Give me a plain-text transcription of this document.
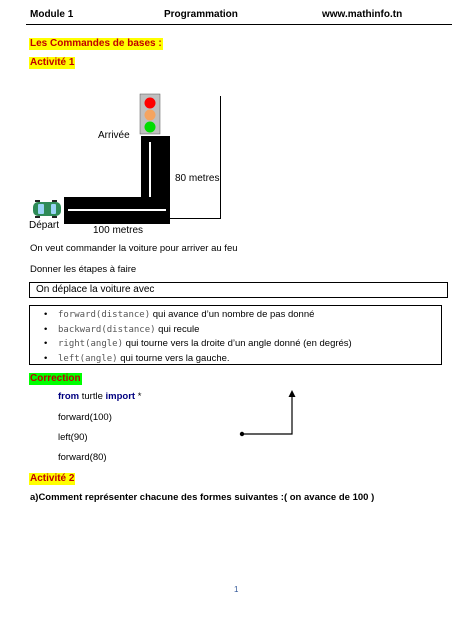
Module 1	Programmation	www.mathinfo.tn
Les Commandes de bases :
Activité 1
Arrivée
80 metres
Départ	100 metres
On veut commander la voiture pour arriver au feu
Donner les étapes à faire
On déplace la voiture avec
• forward(distance) qui avance d’un nombre de pas donné
• backward(distance) qui recule
• right(angle) qui tourne vers la droite d’un angle donné (en degrés)
• left(angle) qui tourne vers la gauche.
Correction
from turtle import *
forward(100)
left(90)
forward(80)
Activité 2
a)Comment représenter chacune des formes suivantes :( on avance de 100 )
1
